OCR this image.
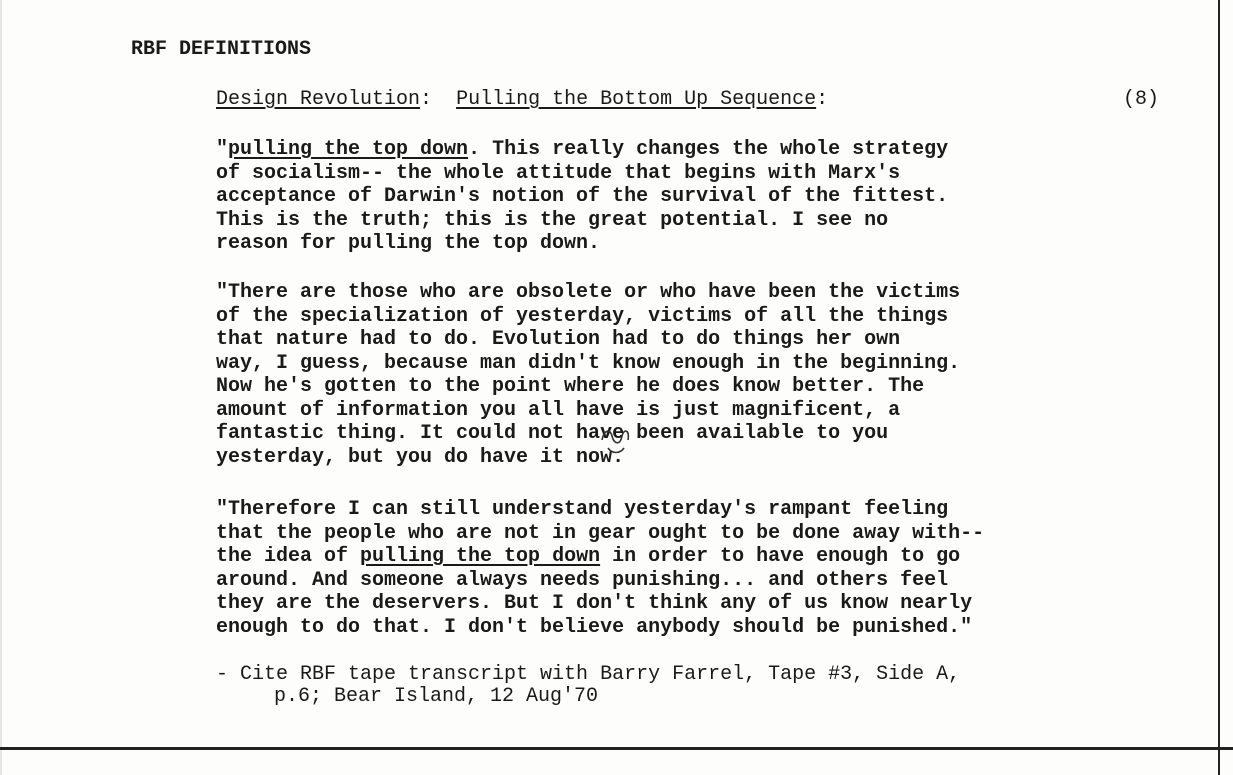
RBF DEFINITIONS
Design Revolution:  Pulling the Bottom Up Sequence:	(8)
"pulling the top down. This really changes the whole strategy
of socialism-- the whole attitude that begins with Marx's
acceptance of Darwin's notion of the survival of the fittest.
This is the truth; this is the great potential. I see no
reason for pulling the top down.
"There are those who are obsolete or who have been the victims
of the specialization of yesterday, victims of all the things
that nature had to do. Evolution had to do things her own
way, I guess, because man didn't know enough in the beginning.
Now he's gotten to the point where he does know better. The
amount of information you all have is just magnificent, a
fantastic thing. It could not have been available to you
yesterday, but you do have it now.
"Therefore I can still understand yesterday's rampant feeling
that the people who are not in gear ought to be done away with--
the idea of pulling the top down in order to have enough to go
around. And someone always needs punishing... and others feel
they are the deservers. But I don't think any of us know nearly
enough to do that. I don't believe anybody should be punished."
- Cite RBF tape transcript with Barry Farrel, Tape #3, Side A,
p.6; Bear Island, 12 Aug'70
